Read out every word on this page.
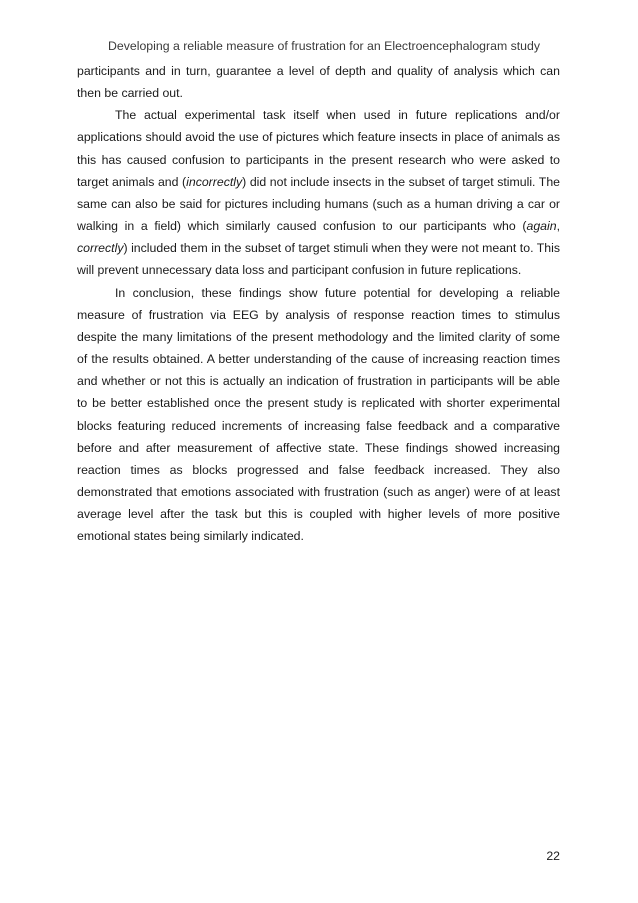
Developing a reliable measure of frustration for an Electroencephalogram study

participants and in turn, guarantee a level of depth and quality of analysis which can then be carried out.

The actual experimental task itself when used in future replications and/or applications should avoid the use of pictures which feature insects in place of animals as this has caused confusion to participants in the present research who were asked to target animals and (incorrectly) did not include insects in the subset of target stimuli. The same can also be said for pictures including humans (such as a human driving a car or walking in a field) which similarly caused confusion to our participants who (again, correctly) included them in the subset of target stimuli when they were not meant to. This will prevent unnecessary data loss and participant confusion in future replications.

In conclusion, these findings show future potential for developing a reliable measure of frustration via EEG by analysis of response reaction times to stimulus despite the many limitations of the present methodology and the limited clarity of some of the results obtained. A better understanding of the cause of increasing reaction times and whether or not this is actually an indication of frustration in participants will be able to be better established once the present study is replicated with shorter experimental blocks featuring reduced increments of increasing false feedback and a comparative before and after measurement of affective state. These findings showed increasing reaction times as blocks progressed and false feedback increased. They also demonstrated that emotions associated with frustration (such as anger) were of at least average level after the task but this is coupled with higher levels of more positive emotional states being similarly indicated.

22
